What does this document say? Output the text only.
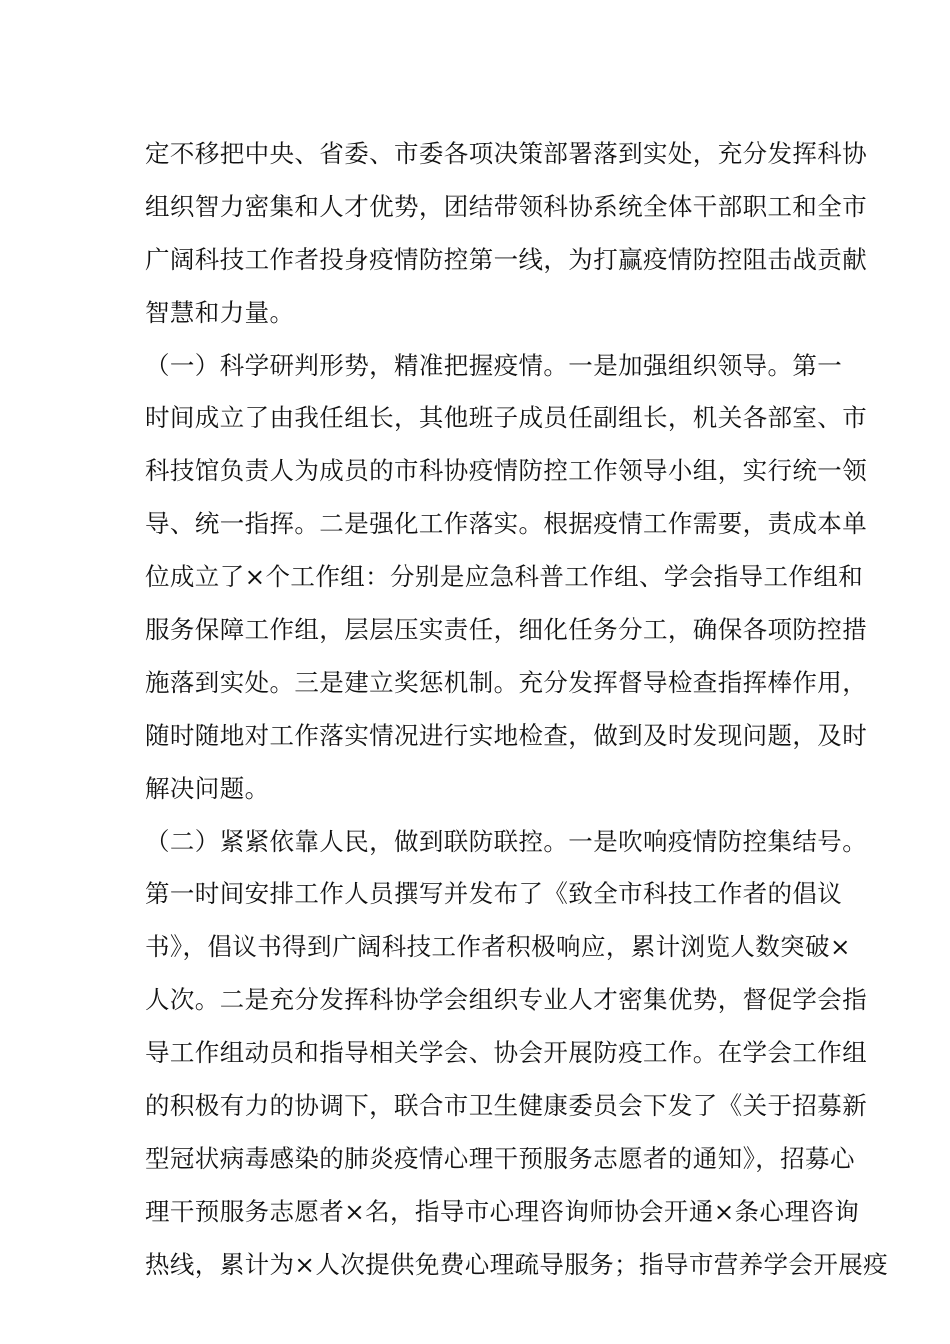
定不移把中央、省委、市委各项决策部署落到实处，充分发挥科协
组织智力密集和人才优势，团结带领科协系统全体干部职工和全市
广阔科技工作者投身疫情防控第一线，为打赢疫情防控阻击战贡献
智慧和力量。
（一）科学研判形势，精准把握疫情。一是加强组织领导。第一
时间成立了由我任组长，其他班子成员任副组长，机关各部室、市
科技馆负责人为成员的市科协疫情防控工作领导小组，实行统一领
导、统一指挥。二是强化工作落实。根据疫情工作需要，责成本单
位成立了×个工作组：分别是应急科普工作组、学会指导工作组和
服务保障工作组，层层压实责任，细化任务分工，确保各项防控措
施落到实处。三是建立奖惩机制。充分发挥督导检查指挥棒作用，
随时随地对工作落实情况进行实地检查，做到及时发现问题，及时
解决问题。
（二）紧紧依靠人民，做到联防联控。一是吹响疫情防控集结号。
第一时间安排工作人员撰写并发布了《致全市科技工作者的倡议
书》，倡议书得到广阔科技工作者积极响应，累计浏览人数突破×
人次。二是充分发挥科协学会组织专业人才密集优势，督促学会指
导工作组动员和指导相关学会、协会开展防疫工作。在学会工作组
的积极有力的协调下，联合市卫生健康委员会下发了《关于招募新
型冠状病毒感染的肺炎疫情心理干预服务志愿者的通知》，招募心
理干预服务志愿者×名，指导市心理咨询师协会开通×条心理咨询
热线，累计为×人次提供免费心理疏导服务；指导市营养学会开展疫
